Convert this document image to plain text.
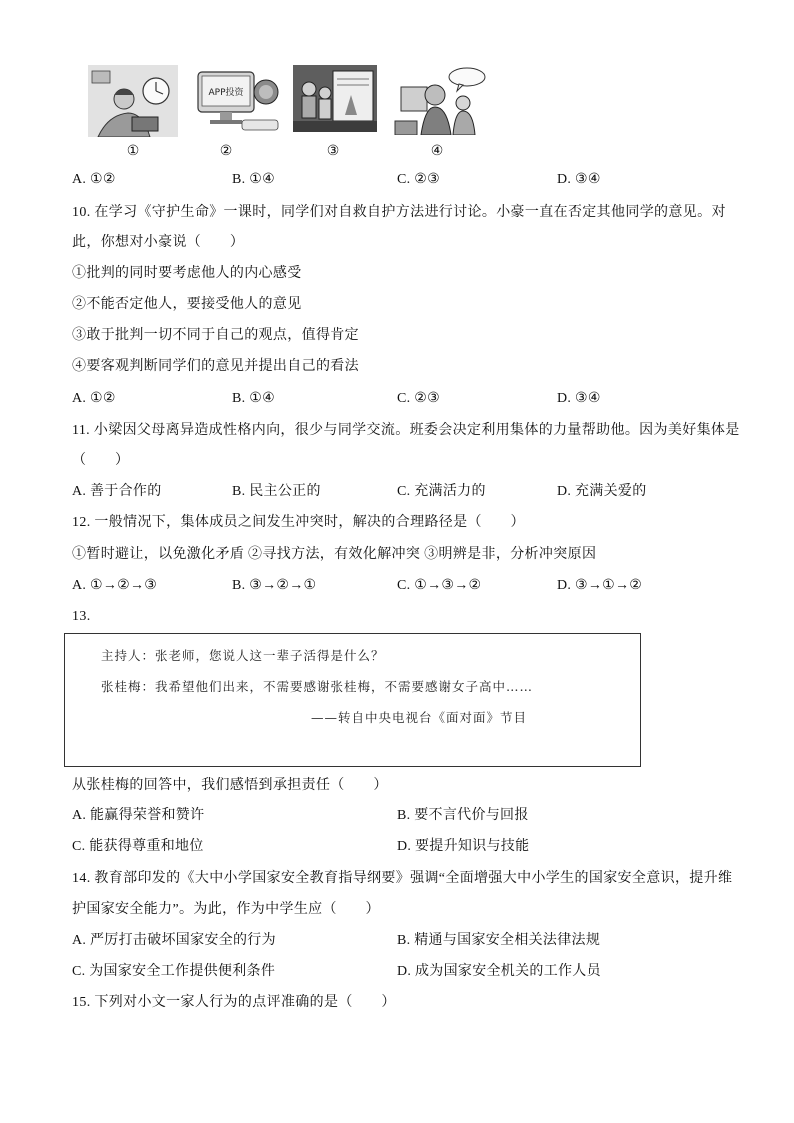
APP投资
①	②	③	④
A. ①②	B. ①④	C. ②③	D. ③④
10. 在学习《守护生命》一课时，同学们对自救自护方法进行讨论。小豪一直在否定其他同学的意见。对
此，你想对小豪说（　　）
①批判的同时要考虑他人的内心感受
②不能否定他人，要接受他人的意见
③敢于批判一切不同于自己的观点，值得肯定
④要客观判断同学们的意见并提出自己的看法
A. ①②	B. ①④	C. ②③	D. ③④
11. 小梁因父母离异造成性格内向，很少与同学交流。班委会决定利用集体的力量帮助他。因为美好集体是
（　　）
A. 善于合作的	B. 民主公正的	C. 充满活力的	D. 充满关爱的
12. 一般情况下，集体成员之间发生冲突时，解决的合理路径是（　　）
①暂时避让，以免激化矛盾 ②寻找方法，有效化解冲突 ③明辨是非，分析冲突原因
A. ①→②→③	B. ③→②→①	C. ①→③→②	D. ③→①→②
13.
主持人：张老师，您说人这一辈子活得是什么？
张桂梅：我希望他们出来，不需要感谢张桂梅，不需要感谢女子高中……
——转自中央电视台《面对面》节目
从张桂梅的回答中，我们感悟到承担责任（　　）
A. 能赢得荣誉和赞许	B. 要不言代价与回报
C. 能获得尊重和地位	D. 要提升知识与技能
14. 教育部印发的《大中小学国家安全教育指导纲要》强调“全面增强大中小学生的国家安全意识，提升维
护国家安全能力”。为此，作为中学生应（　　）
A. 严厉打击破坏国家安全的行为	B. 精通与国家安全相关法律法规
C. 为国家安全工作提供便利条件	D. 成为国家安全机关的工作人员
15. 下列对小文一家人行为的点评准确的是（　　）
